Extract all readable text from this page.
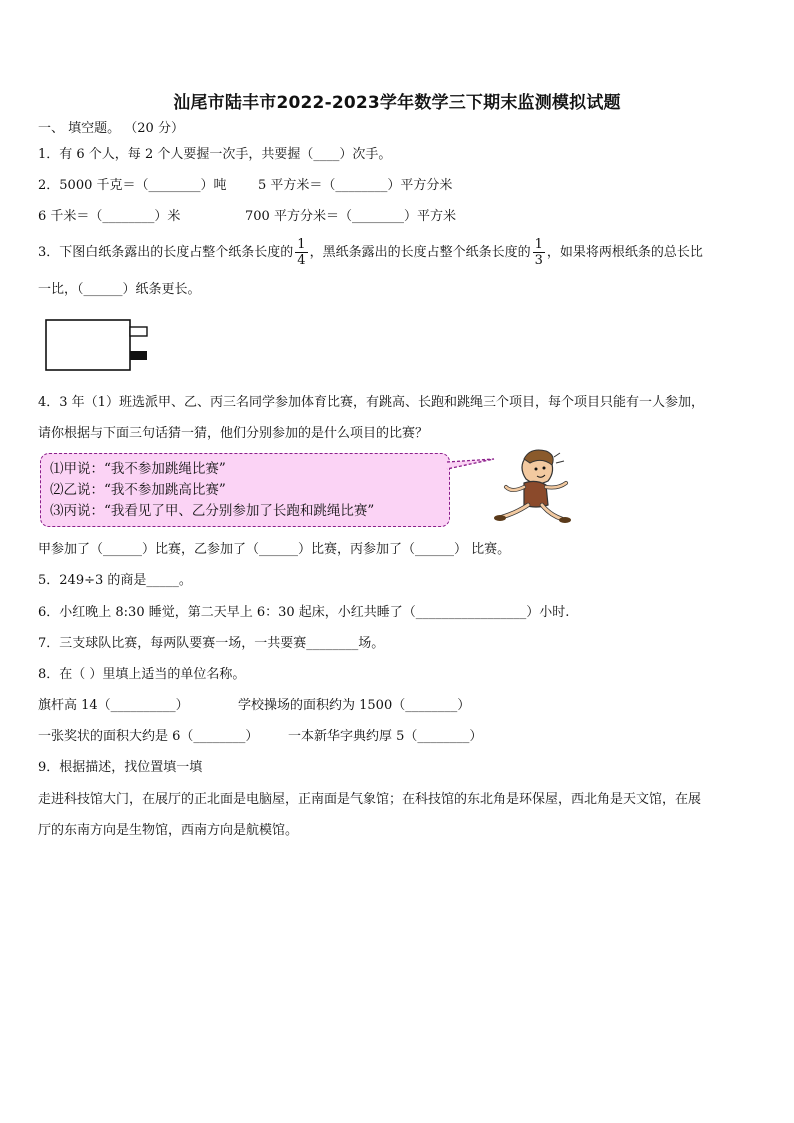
汕尾市陆丰市2022-2023学年数学三下期末监测模拟试题
一、 填空题。 （20 分）
1．有 6 个人，每 2 个人要握一次手，共要握（____）次手。
2．5000 千克＝（________）吨 5 平方米＝（________）平方分米
6 千米＝（________）米	700 平方分米＝（________）平方米
3．下图白纸条露出的长度占整个纸条长度的 $\frac{1}{4}$ ，黑纸条露出的长度占整个纸条长度的 $\frac{1}{3}$ ，如果将两根纸条的总长比
一比，（______）纸条更长。
4．3 年（1）班选派甲、乙、丙三名同学参加体育比赛，有跳高、长跑和跳绳三个项目，每个项目只能有一人参加，
请你根据与下面三句话猜一猜，他们分别参加的是什么项目的比赛？
⑴甲说：“我不参加跳绳比赛”
⑵乙说：“我不参加跳高比赛”
⑶丙说：“我看见了甲、乙分别参加了长跑和跳绳比赛”
甲参加了（______）比赛，乙参加了（______）比赛，丙参加了（______） 比赛。
5．249÷3 的商是_____。
6．小红晚上 8:30 睡觉，第二天早上 6：30 起床，小红共睡了（_________________）小时.
7．三支球队比赛，每两队要赛一场，一共要赛________场。
8．在（ ）里填上适当的单位名称。
旗杆高 14（__________）	学校操场的面积约为 1500（________）
一张奖状的面积大约是 6（________） 一本新华字典约厚 5（________）
9．根据描述，找位置填一填
走进科技馆大门，在展厅的正北面是电脑屋，正南面是气象馆；在科技馆的东北角是环保屋，西北角是天文馆，在展
厅的东南方向是生物馆，西南方向是航模馆。
